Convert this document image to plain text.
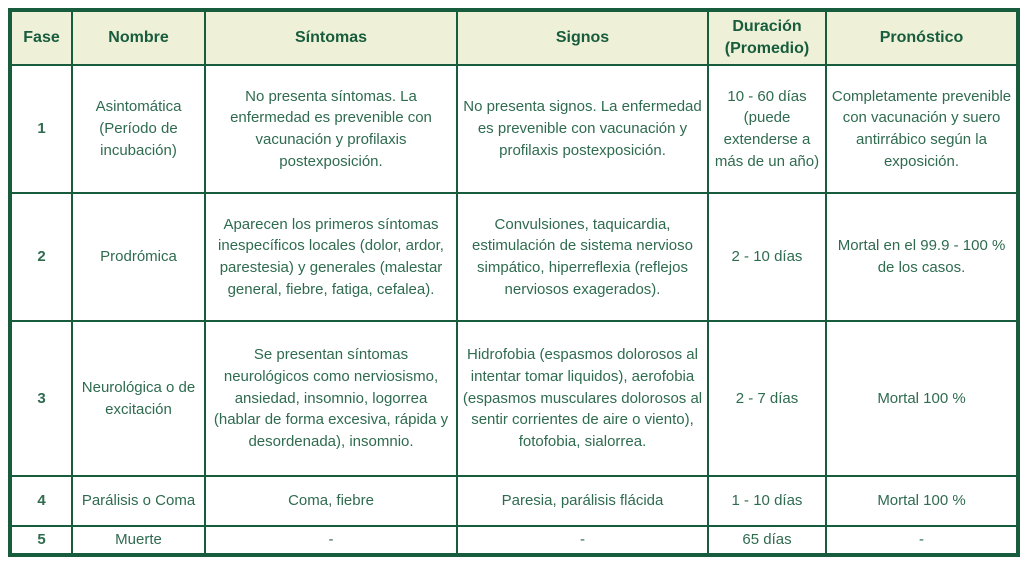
Fase	Nombre	Síntomas	Signos	Duración (Promedio)	Pronóstico
1	Asintomática (Período de incubación)	No presenta síntomas. La enfermedad es prevenible con vacunación y profilaxis postexposición.	No presenta signos. La enfermedad es prevenible con vacunación y profilaxis postexposición.	10 - 60 días (puede extenderse a más de un año)	Completamente prevenible con vacunación y suero antirrábico según la exposición.
2	Prodrómica	Aparecen los primeros síntomas inespecíficos locales (dolor, ardor, parestesia) y generales (malestar general, fiebre, fatiga, cefalea).	Convulsiones, taquicardia, estimulación de sistema nervioso simpático, hiperreflexia (reflejos nerviosos exagerados).	2 - 10 días	Mortal en el 99.9 - 100 % de los casos.
3	Neurológica o de excitación	Se presentan síntomas neurológicos como nerviosismo, ansiedad, insomnio, logorrea (hablar de forma excesiva, rápida y desordenada), insomnio.	Hidrofobia (espasmos dolorosos al intentar tomar liquidos), aerofobia (espasmos musculares dolorosos al sentir corrientes de aire o viento), fotofobia, sialorrea.	2 - 7 días	Mortal 100 %
4	Parálisis o Coma	Coma, fiebre	Paresia, parálisis flácida	1 - 10 días	Mortal 100 %
5	Muerte	-	-	65 días	-
